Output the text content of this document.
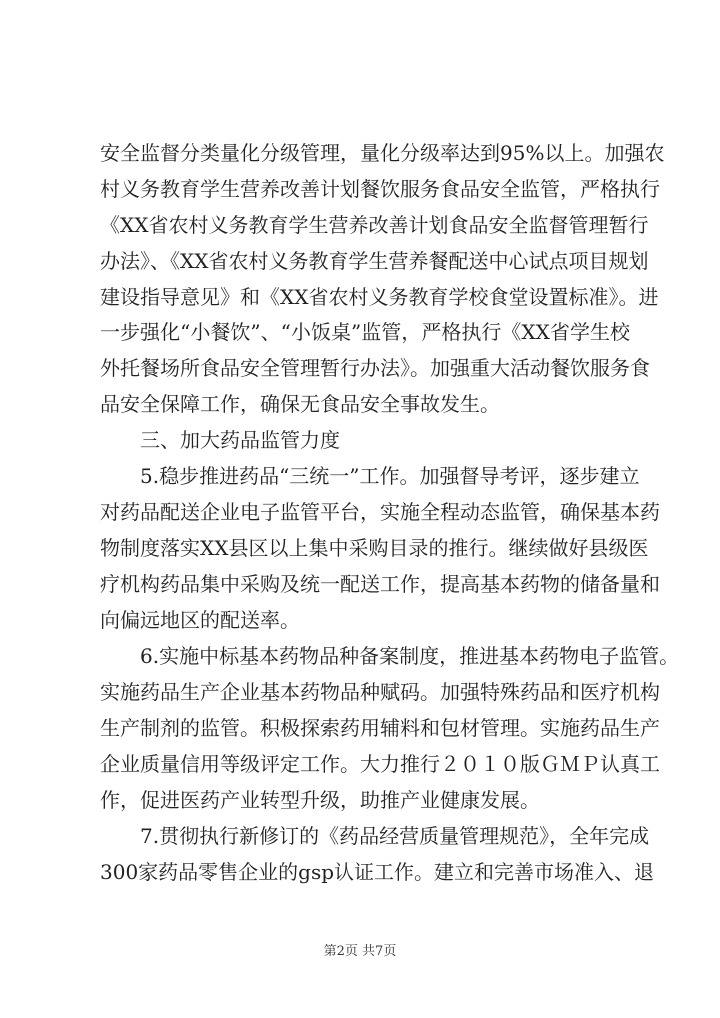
安全监督分类量化分级管理，量化分级率达到95%以上。加强农
村义务教育学生营养改善计划餐饮服务食品安全监管，严格执行
《XX省农村义务教育学生营养改善计划食品安全监督管理暂行
办法》、《XX省农村义务教育学生营养餐配送中心试点项目规划
建设指导意见》和《XX省农村义务教育学校食堂设置标准》。进
一步强化“小餐饮”、“小饭桌”监管，严格执行《XX省学生校
外托餐场所食品安全管理暂行办法》。加强重大活动餐饮服务食
品安全保障工作，确保无食品安全事故发生。
三、加大药品监管力度
5.稳步推进药品“三统一”工作。加强督导考评，逐步建立
对药品配送企业电子监管平台，实施全程动态监管，确保基本药
物制度落实XX县区以上集中采购目录的推行。继续做好县级医
疗机构药品集中采购及统一配送工作，提高基本药物的储备量和
向偏远地区的配送率。
6.实施中标基本药物品种备案制度，推进基本药物电子监管。
实施药品生产企业基本药物品种赋码。加强特殊药品和医疗机构
生产制剂的监管。积极探索药用辅料和包材管理。实施药品生产
企业质量信用等级评定工作。大力推行２０１０版ＧＭＰ认真工
作，促进医药产业转型升级，助推产业健康发展。
7.贯彻执行新修订的《药品经营质量管理规范》，全年完成
300家药品零售企业的gsp认证工作。建立和完善市场准入、退
第2页 共7页
